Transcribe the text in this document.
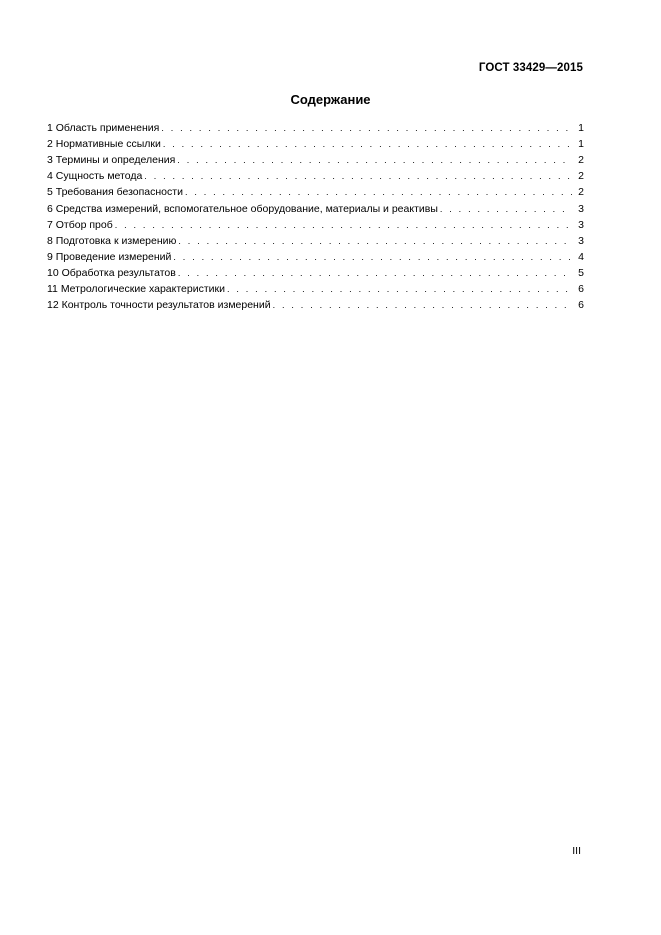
ГОСТ 33429—2015
Содержание
1 Область применения . . .	1
2 Нормативные ссылки . . .	1
3 Термины и определения . . .	2
4 Сущность метода . . .	2
5 Требования безопасности . . .	2
6 Средства измерений, вспомогательное оборудование, материалы и реактивы . . .	3
7 Отбор проб . . .	3
8 Подготовка к измерению . . .	3
9 Проведение измерений . . .	4
10 Обработка результатов . . .	5
11 Метрологические характеристики . . .	6
12 Контроль точности результатов измерений . . .	6
III
